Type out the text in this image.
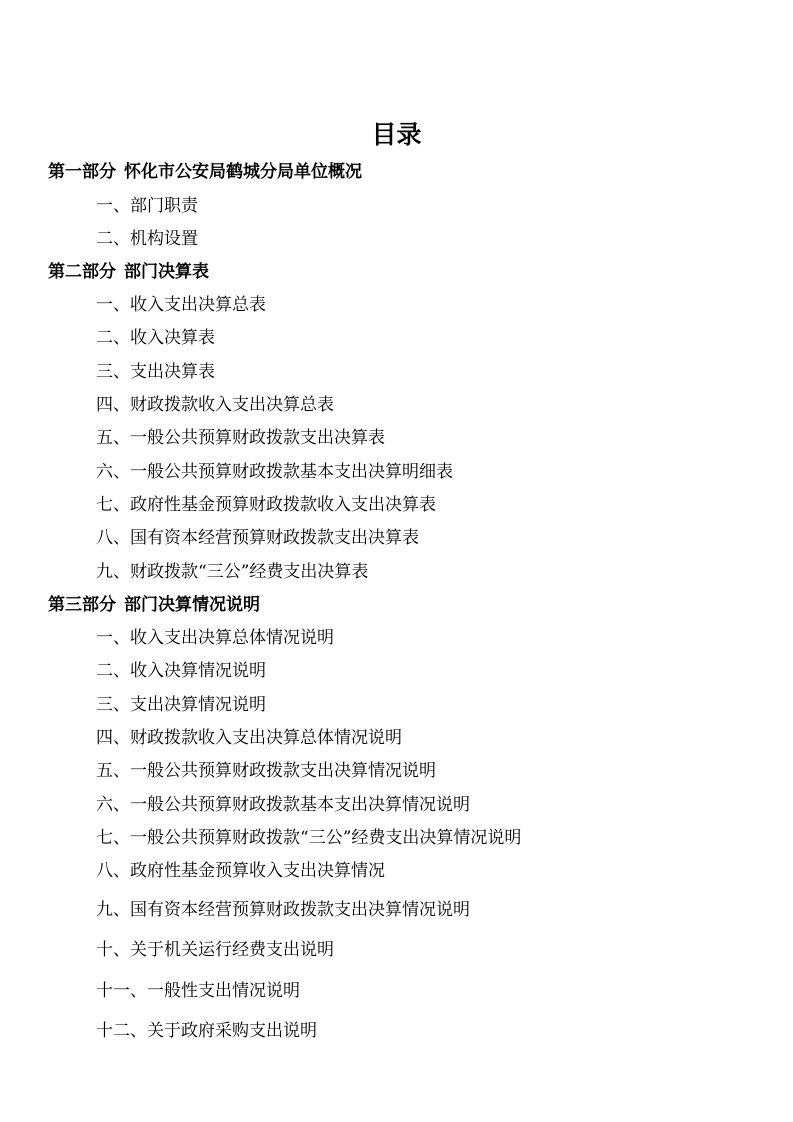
目录
第一部分 怀化市公安局鹤城分局单位概况
一、部门职责
二、机构设置
第二部分 部门决算表
一、收入支出决算总表
二、收入决算表
三、支出决算表
四、财政拨款收入支出决算总表
五、一般公共预算财政拨款支出决算表
六、一般公共预算财政拨款基本支出决算明细表
七、政府性基金预算财政拨款收入支出决算表
八、国有资本经营预算财政拨款支出决算表
九、财政拨款“三公”经费支出决算表
第三部分 部门决算情况说明
一、收入支出决算总体情况说明
二、收入决算情况说明
三、支出决算情况说明
四、财政拨款收入支出决算总体情况说明
五、一般公共预算财政拨款支出决算情况说明
六、一般公共预算财政拨款基本支出决算情况说明
七、一般公共预算财政拨款“三公”经费支出决算情况说明
八、政府性基金预算收入支出决算情况
九、国有资本经营预算财政拨款支出决算情况说明
十、关于机关运行经费支出说明
十一、一般性支出情况说明
十二、关于政府采购支出说明
